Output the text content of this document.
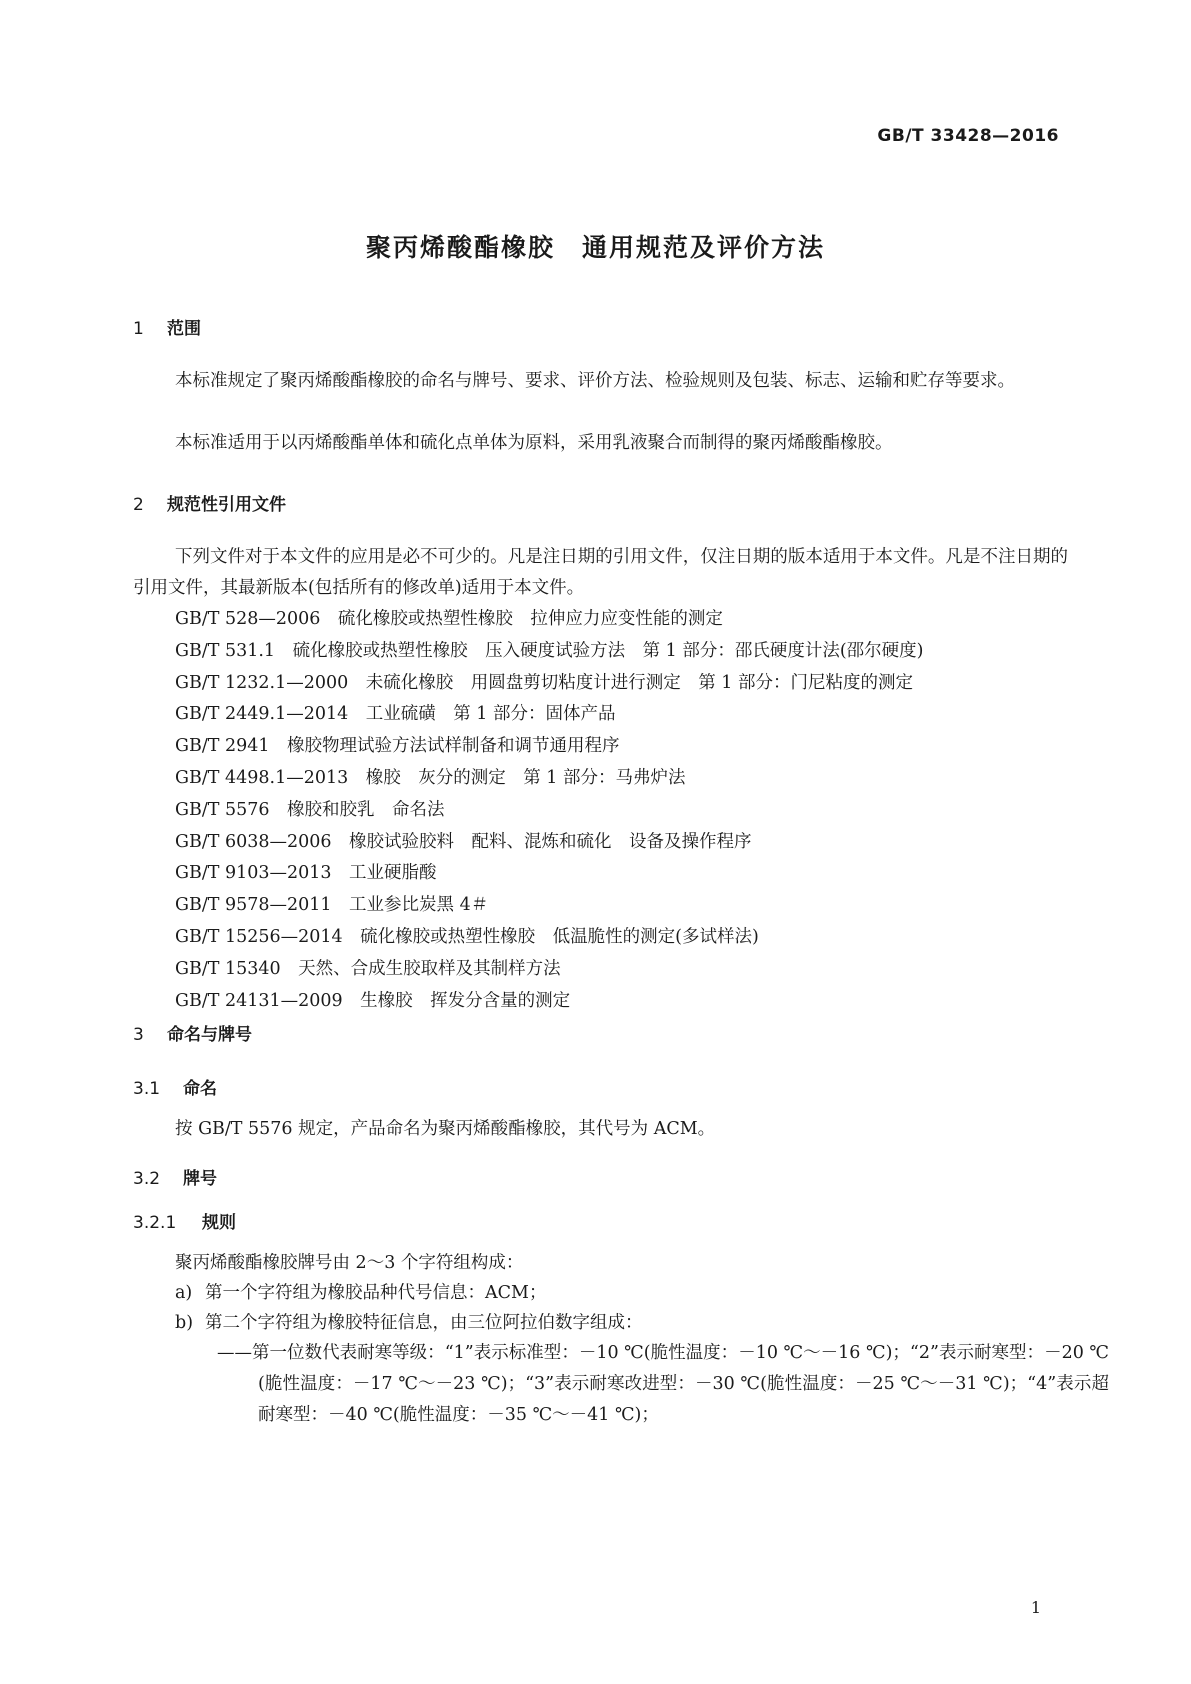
GB/T 33428—2016
聚丙烯酸酯橡胶　通用规范及评价方法
1 范围
本标准规定了聚丙烯酸酯橡胶的命名与牌号、要求、评价方法、检验规则及包装、标志、运输和贮存等要求。
本标准适用于以丙烯酸酯单体和硫化点单体为原料，采用乳液聚合而制得的聚丙烯酸酯橡胶。
2 规范性引用文件
下列文件对于本文件的应用是必不可少的。凡是注日期的引用文件，仅注日期的版本适用于本文件。凡是不注日期的引用文件，其最新版本(包括所有的修改单)适用于本文件。
GB/T 528—2006　硫化橡胶或热塑性橡胶　拉伸应力应变性能的测定
GB/T 531.1　硫化橡胶或热塑性橡胶　压入硬度试验方法　第 1 部分：邵氏硬度计法(邵尔硬度)
GB/T 1232.1—2000　未硫化橡胶　用圆盘剪切粘度计进行测定　第 1 部分：门尼粘度的测定
GB/T 2449.1—2014　工业硫磺　第 1 部分：固体产品
GB/T 2941　橡胶物理试验方法试样制备和调节通用程序
GB/T 4498.1—2013　橡胶　灰分的测定　第 1 部分：马弗炉法
GB/T 5576　橡胶和胶乳　命名法
GB/T 6038—2006　橡胶试验胶料　配料、混炼和硫化　设备及操作程序
GB/T 9103—2013　工业硬脂酸
GB/T 9578—2011　工业参比炭黑 4＃
GB/T 15256—2014　硫化橡胶或热塑性橡胶　低温脆性的测定(多试样法)
GB/T 15340　天然、合成生胶取样及其制样方法
GB/T 24131—2009　生橡胶　挥发分含量的测定
3 命名与牌号
3.1 命名
按 GB/T 5576 规定，产品命名为聚丙烯酸酯橡胶，其代号为 ACM。
3.2 牌号
3.2.1 规则
聚丙烯酸酯橡胶牌号由 2～3 个字符组构成：
a) 第一个字符组为橡胶品种代号信息：ACM；
b) 第二个字符组为橡胶特征信息，由三位阿拉伯数字组成：
——第一位数代表耐寒等级：“1”表示标准型：－10 ℃(脆性温度：－10 ℃～－16 ℃)；“2”表示耐寒型：－20 ℃(脆性温度：－17 ℃～－23 ℃)；“3”表示耐寒改进型：－30 ℃(脆性温度：－25 ℃～－31 ℃)；“4”表示超耐寒型：－40 ℃(脆性温度：－35 ℃～－41 ℃)；
1
